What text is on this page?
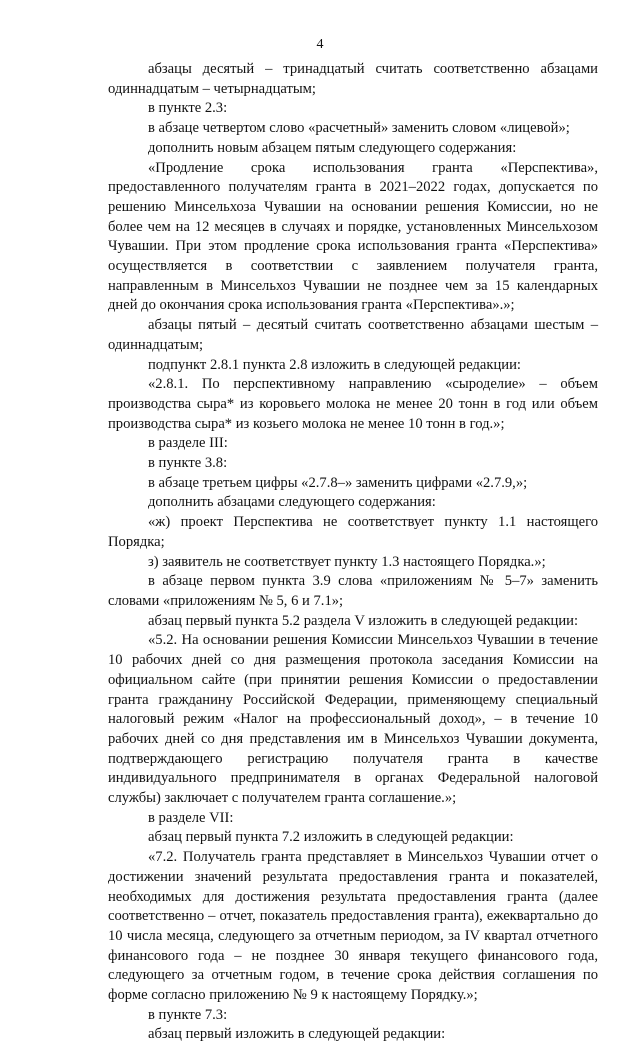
4

абзацы десятый – тринадцатый считать соответственно абзацами одиннадцатым – четырнадцатым;

в пункте 2.3:

в абзаце четвертом слово «расчетный» заменить словом «лицевой»;

дополнить новым абзацем пятым следующего содержания:

«Продление срока использования гранта «Перспектива», предоставленного получателям гранта в 2021–2022 годах, допускается по решению Минсельхоза Чувашии на основании решения Комиссии, но не более чем на 12 месяцев в случаях и порядке, установленных Минсельхозом Чувашии. При этом продление срока использования гранта «Перспектива» осуществляется в соответствии с заявлением получателя гранта, направленным в Минсельхоз Чувашии не позднее чем за 15 календарных дней до окончания срока использования гранта «Перспектива».»;

абзацы пятый – десятый считать соответственно абзацами шестым – одиннадцатым;

подпункт 2.8.1 пункта 2.8 изложить в следующей редакции:

«2.8.1. По перспективному направлению «сыроделие» – объем производства сыра* из коровьего молока не менее 20 тонн в год или объем производства сыра* из козьего молока не менее 10 тонн в год.»;

в разделе III:

в пункте 3.8:

в абзаце третьем цифры «2.7.8–» заменить цифрами «2.7.9,»;

дополнить абзацами следующего содержания:

«ж) проект Перспектива не соответствует пункту 1.1 настоящего Порядка;

з) заявитель не соответствует пункту 1.3 настоящего Порядка.»;

в абзаце первом пункта 3.9 слова «приложениям № 5–7» заменить словами «приложениям № 5, 6 и 7.1»;

абзац первый пункта 5.2 раздела V изложить в следующей редакции:

«5.2. На основании решения Комиссии Минсельхоз Чувашии в течение 10 рабочих дней со дня размещения протокола заседания Комиссии на официальном сайте (при принятии решения Комиссии о предоставлении гранта гражданину Российской Федерации, применяющему специальный налоговый режим «Налог на профессиональный доход», – в течение 10 рабочих дней со дня представления им в Минсельхоз Чувашии документа, подтверждающего регистрацию получателя гранта в качестве индивидуального предпринимателя в органах Федеральной налоговой службы) заключает с получателем гранта соглашение.»;

в разделе VII:

абзац первый пункта 7.2 изложить в следующей редакции:

«7.2. Получатель гранта представляет в Минсельхоз Чувашии отчет о достижении значений результата предоставления гранта и показателей, необходимых для достижения результата предоставления гранта (далее соответственно – отчет, показатель предоставления гранта), ежеквартально до 10 числа месяца, следующего за отчетным периодом, за IV квартал отчетного финансового года – не позднее 30 января текущего финансового года, следующего за отчетным годом, в течение срока действия соглашения по форме согласно приложению № 9 к настоящему Порядку.»;

в пункте 7.3:

абзац первый изложить в следующей редакции:
